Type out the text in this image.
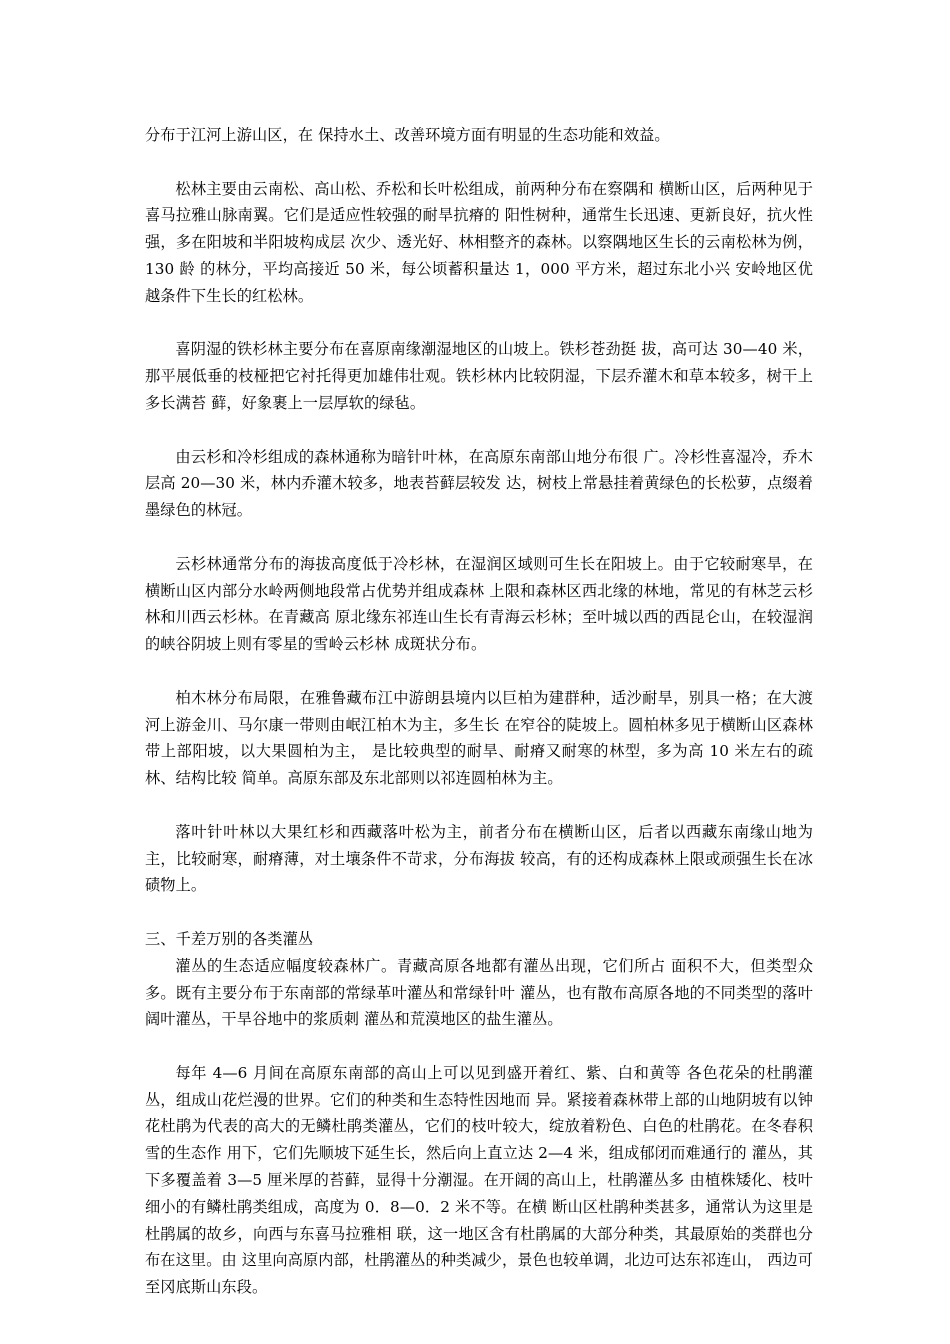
分布于江河上游山区，在 保持水土、改善环境方面有明显的生态功能和效益。

松林主要由云南松、高山松、乔松和长叶松组成，前两种分布在察隅和 横断山区，后两种见于喜马拉雅山脉南翼。它们是适应性较强的耐旱抗瘠的 阳性树种，通常生长迅速、更新良好，抗火性强，多在阳坡和半阳坡构成层 次少、透光好、林相整齐的森林。以察隅地区生长的云南松林为例，130 龄 的林分，平均高接近 50 米，每公顷蓄积量达 1，000 平方米，超过东北小兴 安岭地区优越条件下生长的红松林。

喜阴湿的铁杉林主要分布在喜原南缘潮湿地区的山坡上。铁杉苍劲挺 拔，高可达 30—40 米，那平展低垂的枝桠把它衬托得更加雄伟壮观。铁杉林内比较阴湿，下层乔灌木和草本较多，树干上多长满苔 藓，好象裹上一层厚软的绿毡。

由云杉和冷杉组成的森林通称为暗针叶林，在高原东南部山地分布很 广。冷杉性喜湿冷，乔木层高 20—30 米，林内乔灌木较多，地表苔藓层较发 达，树枝上常悬挂着黄绿色的长松萝，点缀着墨绿色的林冠。

云杉林通常分布的海拔高度低于冷杉林，在湿润区域则可生长在阳坡上。由于它较耐寒旱，在横断山区内部分水岭两侧地段常占优势并组成森林 上限和森林区西北缘的林地，常见的有林芝云杉林和川西云杉林。在青藏高 原北缘东祁连山生长有青海云杉林；至叶城以西的西昆仑山，在较湿润的峡谷阴坡上则有零星的雪岭云杉林 成斑状分布。

柏木林分布局限，在雅鲁藏布江中游朗县境内以巨柏为建群种，适沙耐旱，别具一格；在大渡河上游金川、马尔康一带则由岷江柏木为主，多生长 在窄谷的陡坡上。圆柏林多见于横断山区森林带上部阳坡，以大果圆柏为主， 是比较典型的耐旱、耐瘠又耐寒的林型，多为高 10 米左右的疏林、结构比较 简单。高原东部及东北部则以祁连圆柏林为主。

落叶针叶林以大果红杉和西藏落叶松为主，前者分布在横断山区，后者以西藏东南缘山地为主，比较耐寒，耐瘠薄，对土壤条件不苛求，分布海拔 较高，有的还构成森林上限或顽强生长在冰碛物上。

三、千差万别的各类灌丛

灌丛的生态适应幅度较森林广。青藏高原各地都有灌丛出现，它们所占 面积不大，但类型众多。既有主要分布于东南部的常绿革叶灌丛和常绿针叶 灌丛，也有散布高原各地的不同类型的落叶阔叶灌丛，干旱谷地中的浆质刺 灌丛和荒漠地区的盐生灌丛。

每年 4—6 月间在高原东南部的高山上可以见到盛开着红、紫、白和黄等 各色花朵的杜鹃灌丛，组成山花烂漫的世界。它们的种类和生态特性因地而 异。紧接着森林带上部的山地阴坡有以钟花杜鹃为代表的高大的无鳞杜鹃类灌丛，它们的枝叶较大，绽放着粉色、白色的杜鹃花。在冬春积雪的生态作 用下，它们先顺坡下延生长，然后向上直立达 2—4 米，组成郁闭而难通行的 灌丛，其下多覆盖着 3—5 厘米厚的苔藓，显得十分潮湿。在开阔的高山上，杜鹃灌丛多 由植株矮化、枝叶细小的有鳞杜鹃类组成，高度为 0．8—0．2 米不等。在横 断山区杜鹃种类甚多，通常认为这里是杜鹃属的故乡，向西与东喜马拉雅相 联，这一地区含有杜鹃属的大部分种类，其最原始的类群也分布在这里。由 这里向高原内部，杜鹃灌丛的种类减少，景色也较单调，北边可达东祁连山， 西边可至冈底斯山东段。
